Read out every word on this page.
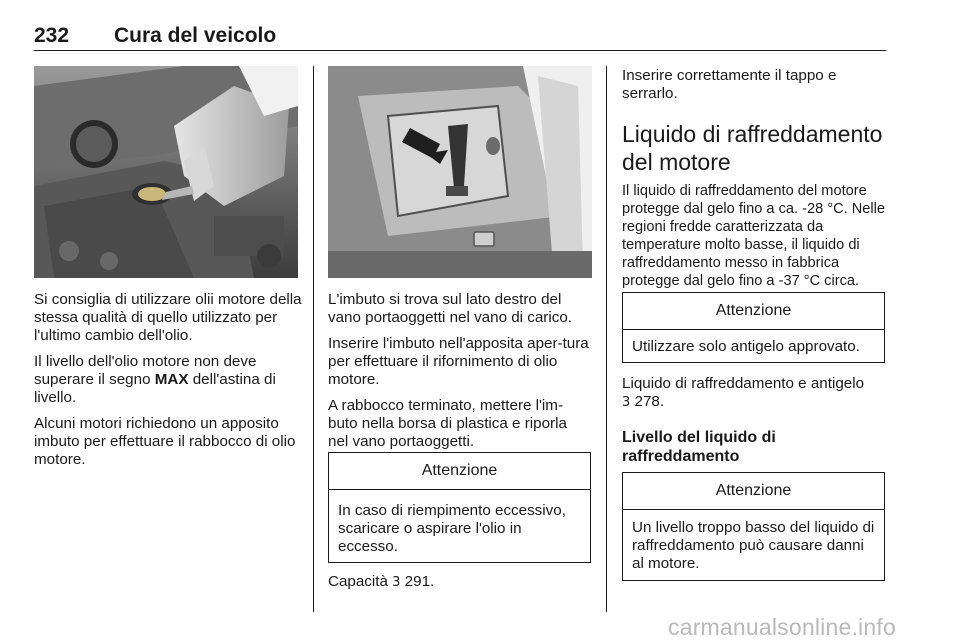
232 Cura del veicolo

Si consiglia di utilizzare olii motore della stessa qualità di quello utilizzato per l'ultimo cambio dell'olio.

Il livello dell'olio motore non deve superare il segno MAX dell'astina di livello.

Alcuni motori richiedono un apposito imbuto per effettuare il rabbocco di olio motore.

L'imbuto si trova sul lato destro del vano portaoggetti nel vano di carico.

Inserire l'imbuto nell'apposita aper-tura per effettuare il rifornimento di olio motore.

A rabbocco terminato, mettere l'im-buto nella borsa di plastica e riporla nel vano portaoggetti.

Attenzione
In caso di riempimento eccessivo, scaricare o aspirare l'olio in eccesso.

Capacità 3 291.

Inserire correttamente il tappo e serrarlo.

Liquido di raffreddamento del motore

Il liquido di raffreddamento del motore protegge dal gelo fino a ca. -28 °C. Nelle regioni fredde caratterizzata da temperature molto basse, il liquido di raffreddamento messo in fabbrica protegge dal gelo fino a -37 °C circa.

Attenzione
Utilizzare solo antigelo approvato.

Liquido di raffreddamento e antigelo
3 278.

Livello del liquido di raffreddamento
Attenzione
Un livello troppo basso del liquido di raffreddamento può causare danni al motore.
carmanualsonline.info
